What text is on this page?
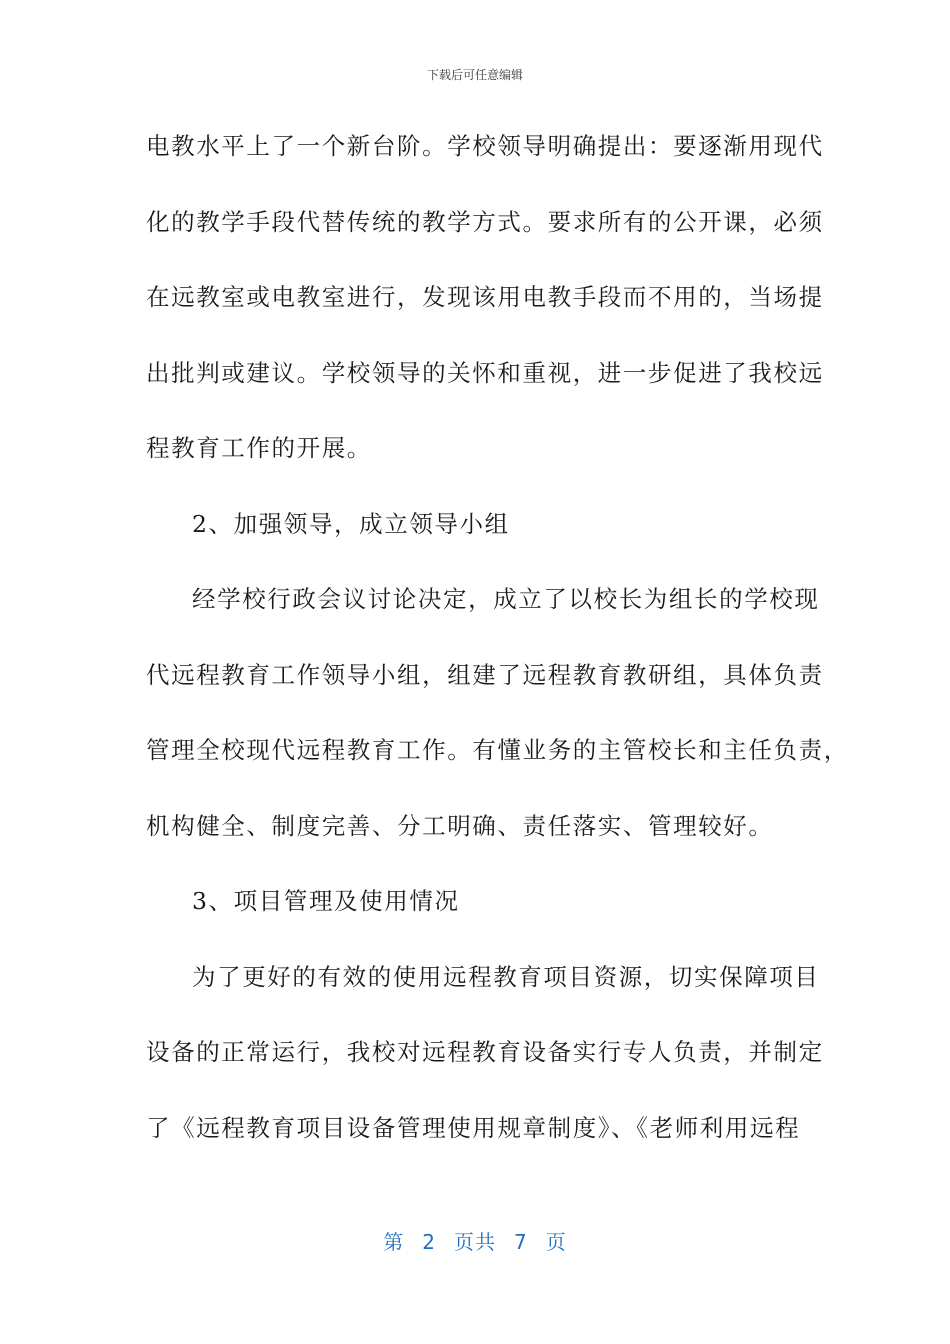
下载后可任意编辑
电教水平上了一个新台阶。学校领导明确提出：要逐渐用现代
化的教学手段代替传统的教学方式。要求所有的公开课，必须
在远教室或电教室进行，发现该用电教手段而不用的，当场提
出批判或建议。学校领导的关怀和重视，进一步促进了我校远
程教育工作的开展。
2、加强领导，成立领导小组
经学校行政会议讨论决定，成立了以校长为组长的学校现
代远程教育工作领导小组，组建了远程教育教研组，具体负责
管理全校现代远程教育工作。有懂业务的主管校长和主任负责，
机构健全、制度完善、分工明确、责任落实、管理较好。
3、项目管理及使用情况
为了更好的有效的使用远程教育项目资源，切实保障项目
设备的正常运行，我校对远程教育设备实行专人负责，并制定
了《远程教育项目设备管理使用规章制度》、《老师利用远程
第 2 页共 7 页
